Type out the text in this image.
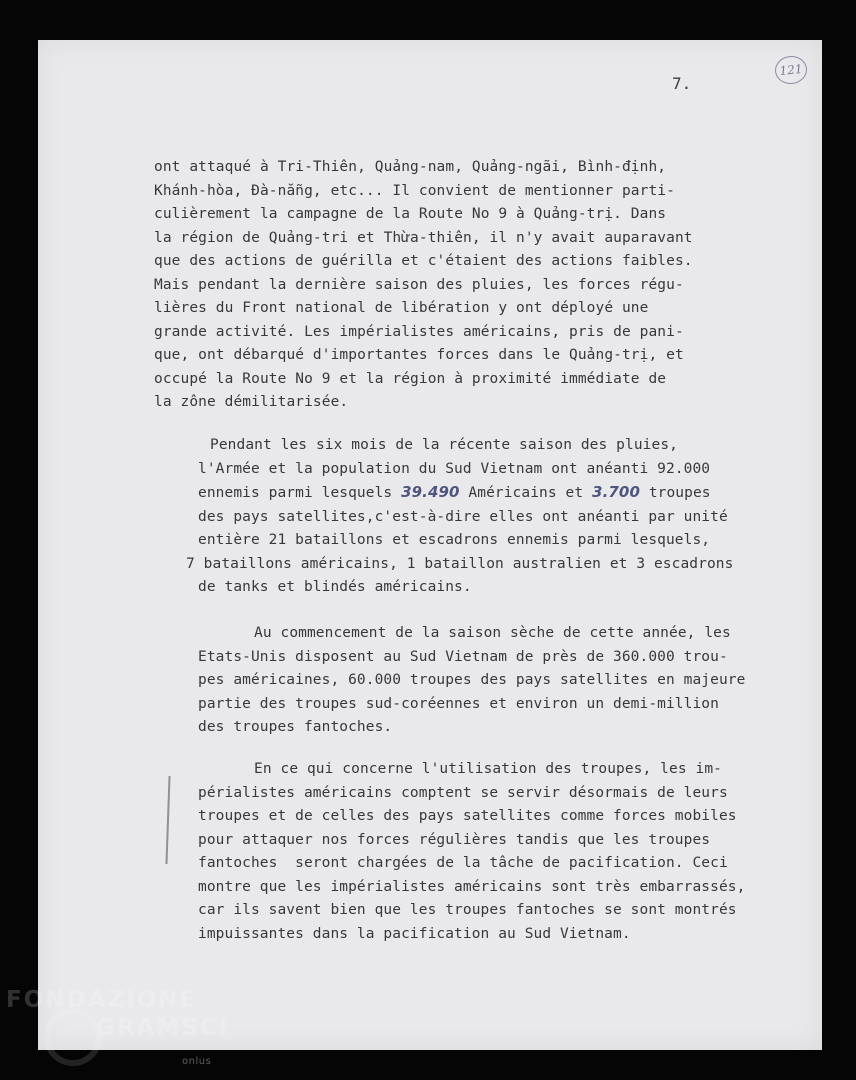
121
7.
ont attaqué à Tri-Thiên, Quảng-nam, Quảng-ngãi, Bình-định,
Khánh-hòa, Đà-nẵng, etc... Il convient de mentionner parti-
culièrement la campagne de la Route No 9 à Quảng-trị. Dans
la région de Quảng-tri et Thừa-thiên, il n'y avait auparavant
que des actions de guérilla et c'étaient des actions faibles.
Mais pendant la dernière saison des pluies, les forces régu-
lières du Front national de libération y ont déployé une
grande activité. Les impérialistes américains, pris de pani-
que, ont débarqué d'importantes forces dans le Quảng-trị, et
occupé la Route No 9 et la région à proximité immédiate de
la zône démilitarisée.
Pendant les six mois de la récente saison des pluies,
l'Armée et la population du Sud Vietnam ont anéanti 92.000
ennemis parmi lesquels 39.490 Américains et 3.700 troupes
des pays satellites,c'est-à-dire elles ont anéanti par unité
entière 21 bataillons et escadrons ennemis parmi lesquels,
7 bataillons américains, 1 bataillon australien et 3 escadrons
de tanks et blindés américains.
Au commencement de la saison sèche de cette année, les
Etats-Unis disposent au Sud Vietnam de près de 360.000 trou-
pes américaines, 60.000 troupes des pays satellites en majeure
partie des troupes sud-coréennes et environ un demi-million
des troupes fantoches.
En ce qui concerne l'utilisation des troupes, les im-
périalistes américains comptent se servir désormais de leurs
troupes et de celles des pays satellites comme forces mobiles
pour attaquer nos forces régulières tandis que les troupes
fantoches  seront chargées de la tâche de pacification. Ceci
montre que les impérialistes américains sont très embarrassés,
car ils savent bien que les troupes fantoches se sont montrés
impuissantes dans la pacification au Sud Vietnam.
FONDAZIONE
GRAMSCI
onlus
